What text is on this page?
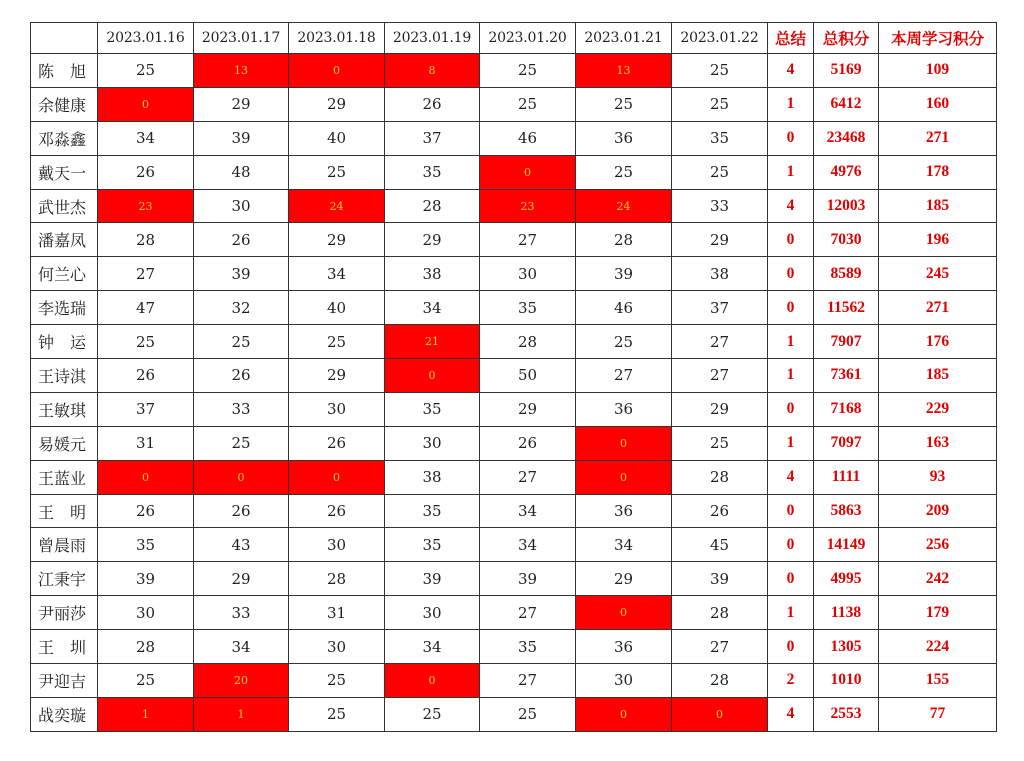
	2023.01.16	2023.01.17	2023.01.18	2023.01.19	2023.01.20	2023.01.21	2023.01.22	总结	总积分	本周学习积分
陈　旭	25	13	0	8	25	13	25	4	5169	109
余健康	0	29	29	26	25	25	25	1	6412	160
邓淼鑫	34	39	40	37	46	36	35	0	23468	271
戴天一	26	48	25	35	0	25	25	1	4976	178
武世杰	23	30	24	28	23	24	33	4	12003	185
潘嘉凤	28	26	29	29	27	28	29	0	7030	196
何兰心	27	39	34	38	30	39	38	0	8589	245
李选瑞	47	32	40	34	35	46	37	0	11562	271
钟　运	25	25	25	21	28	25	27	1	7907	176
王诗淇	26	26	29	0	50	27	27	1	7361	185
王敏琪	37	33	30	35	29	36	29	0	7168	229
易媛元	31	25	26	30	26	0	25	1	7097	163
王蓝业	0	0	0	38	27	0	28	4	1111	93
王　明	26	26	26	35	34	36	26	0	5863	209
曾晨雨	35	43	30	35	34	34	45	0	14149	256
江秉宇	39	29	28	39	39	29	39	0	4995	242
尹丽莎	30	33	31	30	27	0	28	1	1138	179
王　圳	28	34	30	34	35	36	27	0	1305	224
尹迎吉	25	20	25	0	27	30	28	2	1010	155
战奕璇	1	1	25	25	25	0	0	4	2553	77
